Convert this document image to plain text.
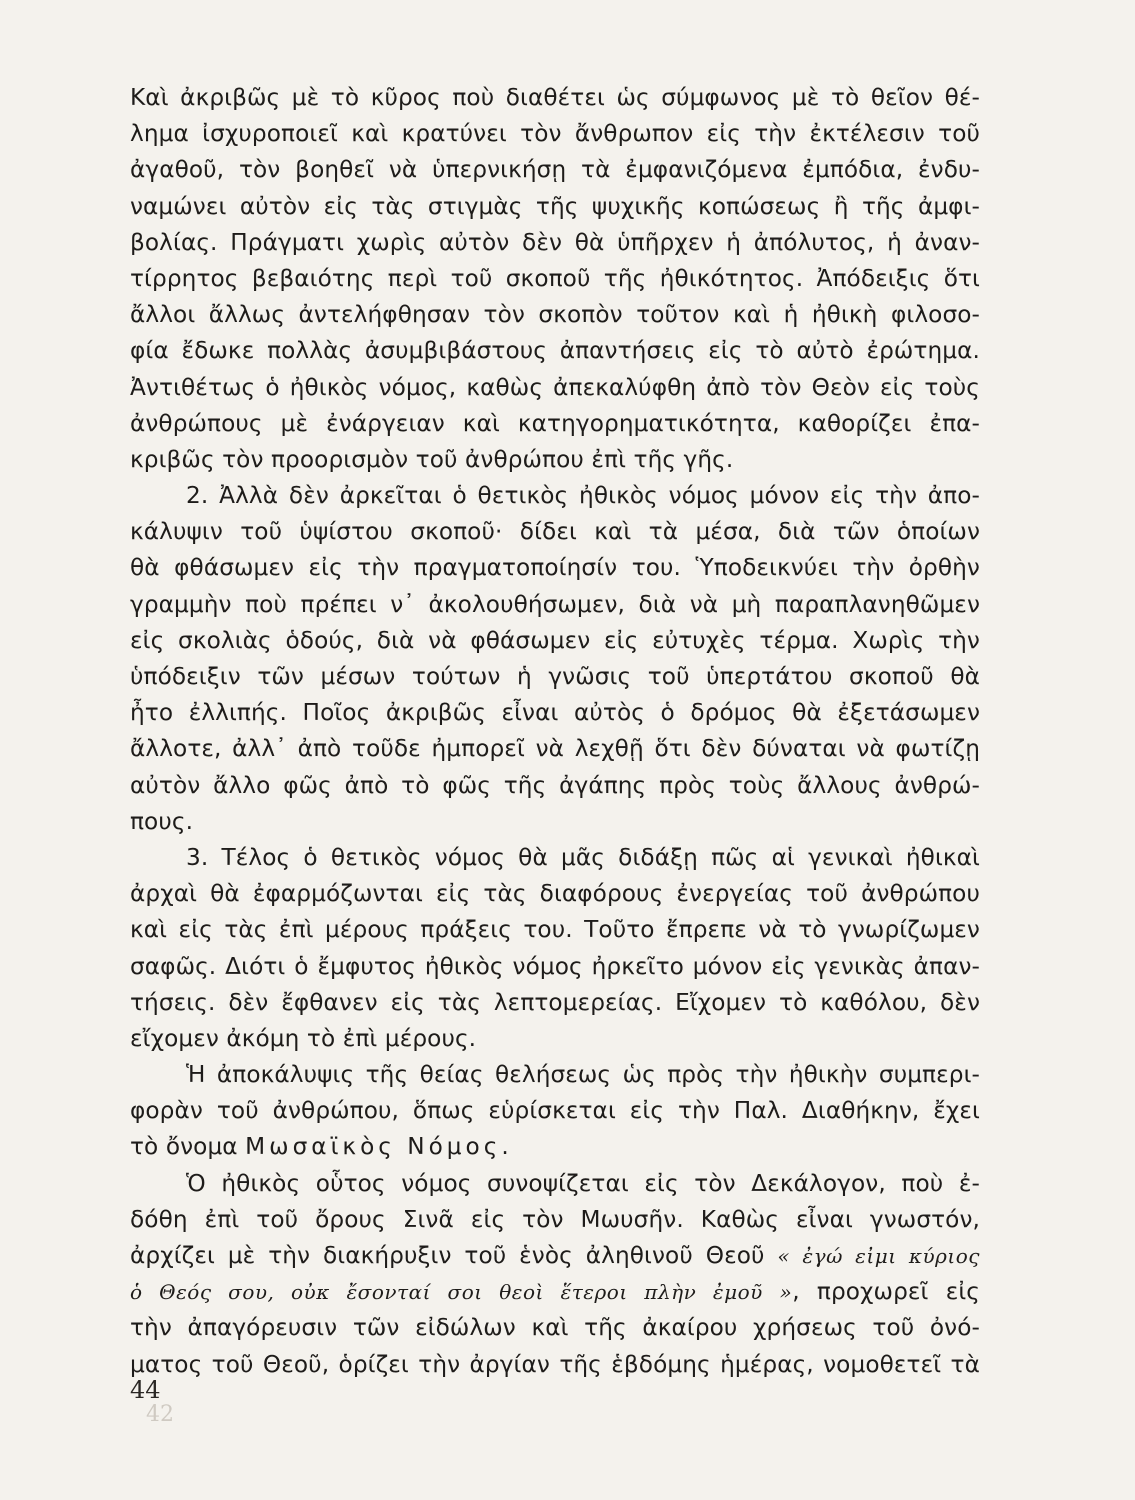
Καὶ ἀκριβῶς μὲ τὸ κῦρος ποὺ διαθέτει ὡς σύμφωνος μὲ τὸ θεῖον θέ-
λημα ἰσχυροποιεῖ καὶ κρατύνει τὸν ἄνθρωπον εἰς τὴν ἐκτέλεσιν τοῦ
ἀγαθοῦ, τὸν βοηθεῖ νὰ ὑπερνικήσῃ τὰ ἐμφανιζόμενα ἐμπόδια, ἐνδυ-
ναμώνει αὐτὸν εἰς τὰς στιγμὰς τῆς ψυχικῆς κοπώσεως ἢ τῆς ἀμφι-
βολίας. Πράγματι χωρὶς αὐτὸν δὲν θὰ ὑπῆρχεν ἡ ἀπόλυτος, ἡ ἀναν-
τίρρητος βεβαιότης περὶ τοῦ σκοποῦ τῆς ἠθικότητος. Ἀπόδειξις ὅτι
ἄλλοι ἄλλως ἀντελήφθησαν τὸν σκοπὸν τοῦτον καὶ ἡ ἠθικὴ φιλοσο-
φία ἔδωκε πολλὰς ἀσυμβιβάστους ἀπαντήσεις εἰς τὸ αὐτὸ ἐρώτημα.
Ἀντιθέτως ὁ ἠθικὸς νόμος, καθὼς ἀπεκαλύφθη ἀπὸ τὸν Θεὸν εἰς τοὺς
ἀνθρώπους μὲ ἐνάργειαν καὶ κατηγορηματικότητα, καθορίζει ἐπα-
κριβῶς τὸν προορισμὸν τοῦ ἀνθρώπου ἐπὶ τῆς γῆς.
2. Ἀλλὰ δὲν ἀρκεῖται ὁ θετικὸς ἠθικὸς νόμος μόνον εἰς τὴν ἀπο-
κάλυψιν τοῦ ὑψίστου σκοποῦ· δίδει καὶ τὰ μέσα, διὰ τῶν ὁποίων
θὰ φθάσωμεν εἰς τὴν πραγματοποίησίν του. Ὑποδεικνύει τὴν ὀρθὴν
γραμμὴν ποὺ πρέπει ν᾽ ἀκολουθήσωμεν, διὰ νὰ μὴ παραπλανηθῶμεν
εἰς σκολιὰς ὁδούς, διὰ νὰ φθάσωμεν εἰς εὐτυχὲς τέρμα. Χωρὶς τὴν
ὑπόδειξιν τῶν μέσων τούτων ἡ γνῶσις τοῦ ὑπερτάτου σκοποῦ θὰ
ἦτο ἐλλιπής. Ποῖος ἀκριβῶς εἶναι αὐτὸς ὁ δρόμος θὰ ἐξετάσωμεν
ἄλλοτε, ἀλλ᾽ ἀπὸ τοῦδε ἠμπορεῖ νὰ λεχθῇ ὅτι δὲν δύναται νὰ φωτίζῃ
αὐτὸν ἄλλο φῶς ἀπὸ τὸ φῶς τῆς ἀγάπης πρὸς τοὺς ἄλλους ἀνθρώ-
πους.
3. Τέλος ὁ θετικὸς νόμος θὰ μᾶς διδάξῃ πῶς αἱ γενικαὶ ἠθικαὶ
ἀρχαὶ θὰ ἐφαρμόζωνται εἰς τὰς διαφόρους ἐνεργείας τοῦ ἀνθρώπου
καὶ εἰς τὰς ἐπὶ μέρους πράξεις του. Τοῦτο ἔπρεπε νὰ τὸ γνωρίζωμεν
σαφῶς. Διότι ὁ ἔμφυτος ἠθικὸς νόμος ἠρκεῖτο μόνον εἰς γενικὰς ἀπαν-
τήσεις. δὲν ἔφθανεν εἰς τὰς λεπτομερείας. Εἴχομεν τὸ καθόλου, δὲν
εἴχομεν ἀκόμη τὸ ἐπὶ μέρους.
Ἡ ἀποκάλυψις τῆς θείας θελήσεως ὡς πρὸς τὴν ἠθικὴν συμπερι-
φορὰν τοῦ ἀνθρώπου, ὅπως εὑρίσκεται εἰς τὴν Παλ. Διαθήκην, ἔχει
τὸ ὄνομα Μωσαϊκὸς Νόμος.
Ὁ ἠθικὸς οὗτος νόμος συνοψίζεται εἰς τὸν Δεκάλογον, ποὺ ἐ-
δόθη ἐπὶ τοῦ ὄρους Σινᾶ εἰς τὸν Μωυσῆν. Καθὼς εἶναι γνωστόν,
ἀρχίζει μὲ τὴν διακήρυξιν τοῦ ἑνὸς ἀληθινοῦ Θεοῦ « ἐγώ εἰμι κύριος
ὁ Θεός σου, οὐκ ἔσονταί σοι θεοὶ ἕτεροι πλὴν ἐμοῦ », προχωρεῖ εἰς
τὴν ἀπαγόρευσιν τῶν εἰδώλων καὶ τῆς ἀκαίρου χρήσεως τοῦ ὀνό-
ματος τοῦ Θεοῦ, ὁρίζει τὴν ἀργίαν τῆς ἑβδόμης ἡμέρας, νομοθετεῖ τὰ
42
44
